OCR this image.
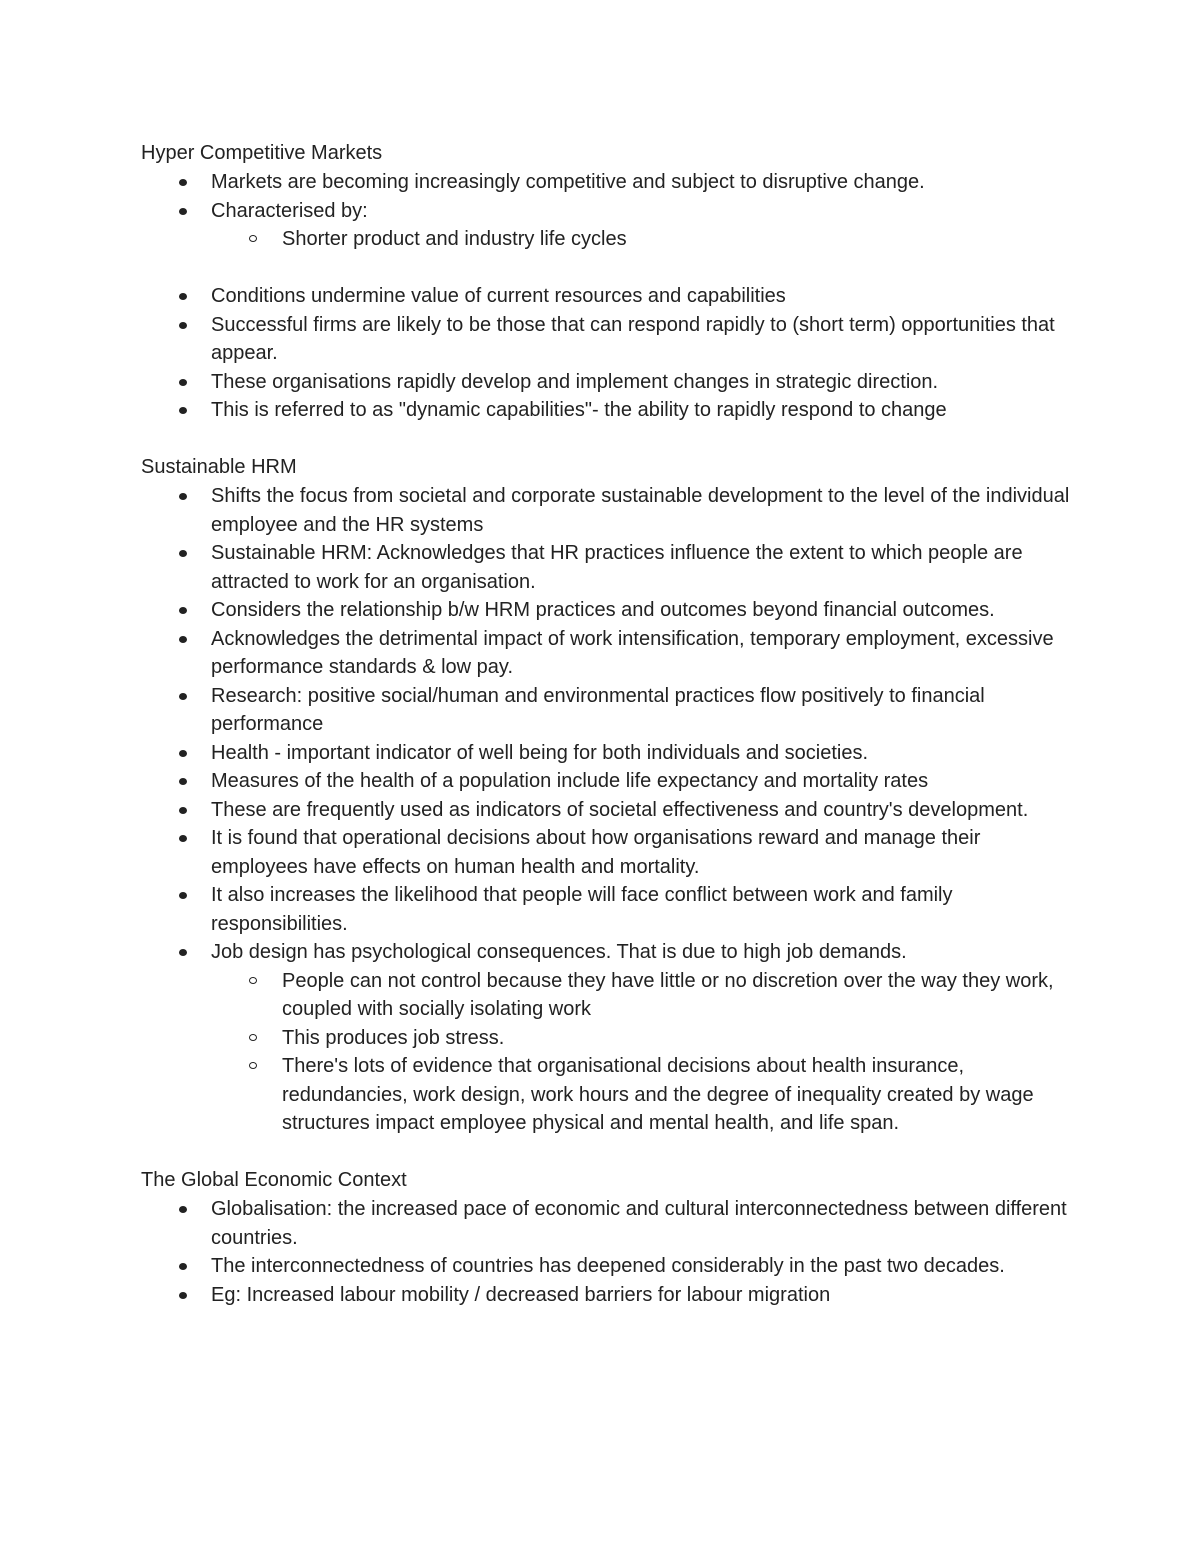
Hyper Competitive Markets
Markets are becoming increasingly competitive and subject to disruptive change.
Characterised by:
Shorter product and industry life cycles
Conditions undermine value of current resources and capabilities
Successful firms are likely to be those that can respond rapidly to (short term) opportunities that appear.
These organisations rapidly develop and implement changes in strategic direction.
This is referred to as "dynamic capabilities"- the ability to rapidly respond to change
Sustainable HRM
Shifts the focus from societal and corporate sustainable development to the level of the individual employee and the HR systems
Sustainable HRM: Acknowledges that HR practices influence the extent to which people are attracted to work for an organisation.
Considers the relationship b/w HRM practices and outcomes beyond financial outcomes.
Acknowledges the detrimental impact of work intensification, temporary employment, excessive performance standards & low pay.
Research: positive social/human and environmental practices flow positively to financial performance
Health - important indicator of well being for both individuals and societies.
Measures of the health of a population include life expectancy and mortality rates
These are frequently used as indicators of societal effectiveness and country's development.
It is found that operational decisions about how organisations reward and manage their employees have effects on human health and mortality.
It also increases the likelihood that people will face conflict between work and family responsibilities.
Job design has psychological consequences. That is due to high job demands.
People can not control because they have little or no discretion over the way they work, coupled with socially isolating work
This produces job stress.
There's lots of evidence that organisational decisions about health insurance, redundancies, work design, work hours and the degree of inequality created by wage structures impact employee physical and mental health, and life span.
The Global Economic Context
Globalisation: the increased pace of economic and cultural interconnectedness between different countries.
The interconnectedness of countries has deepened considerably in the past two decades.
Eg: Increased labour mobility / decreased barriers for labour migration
